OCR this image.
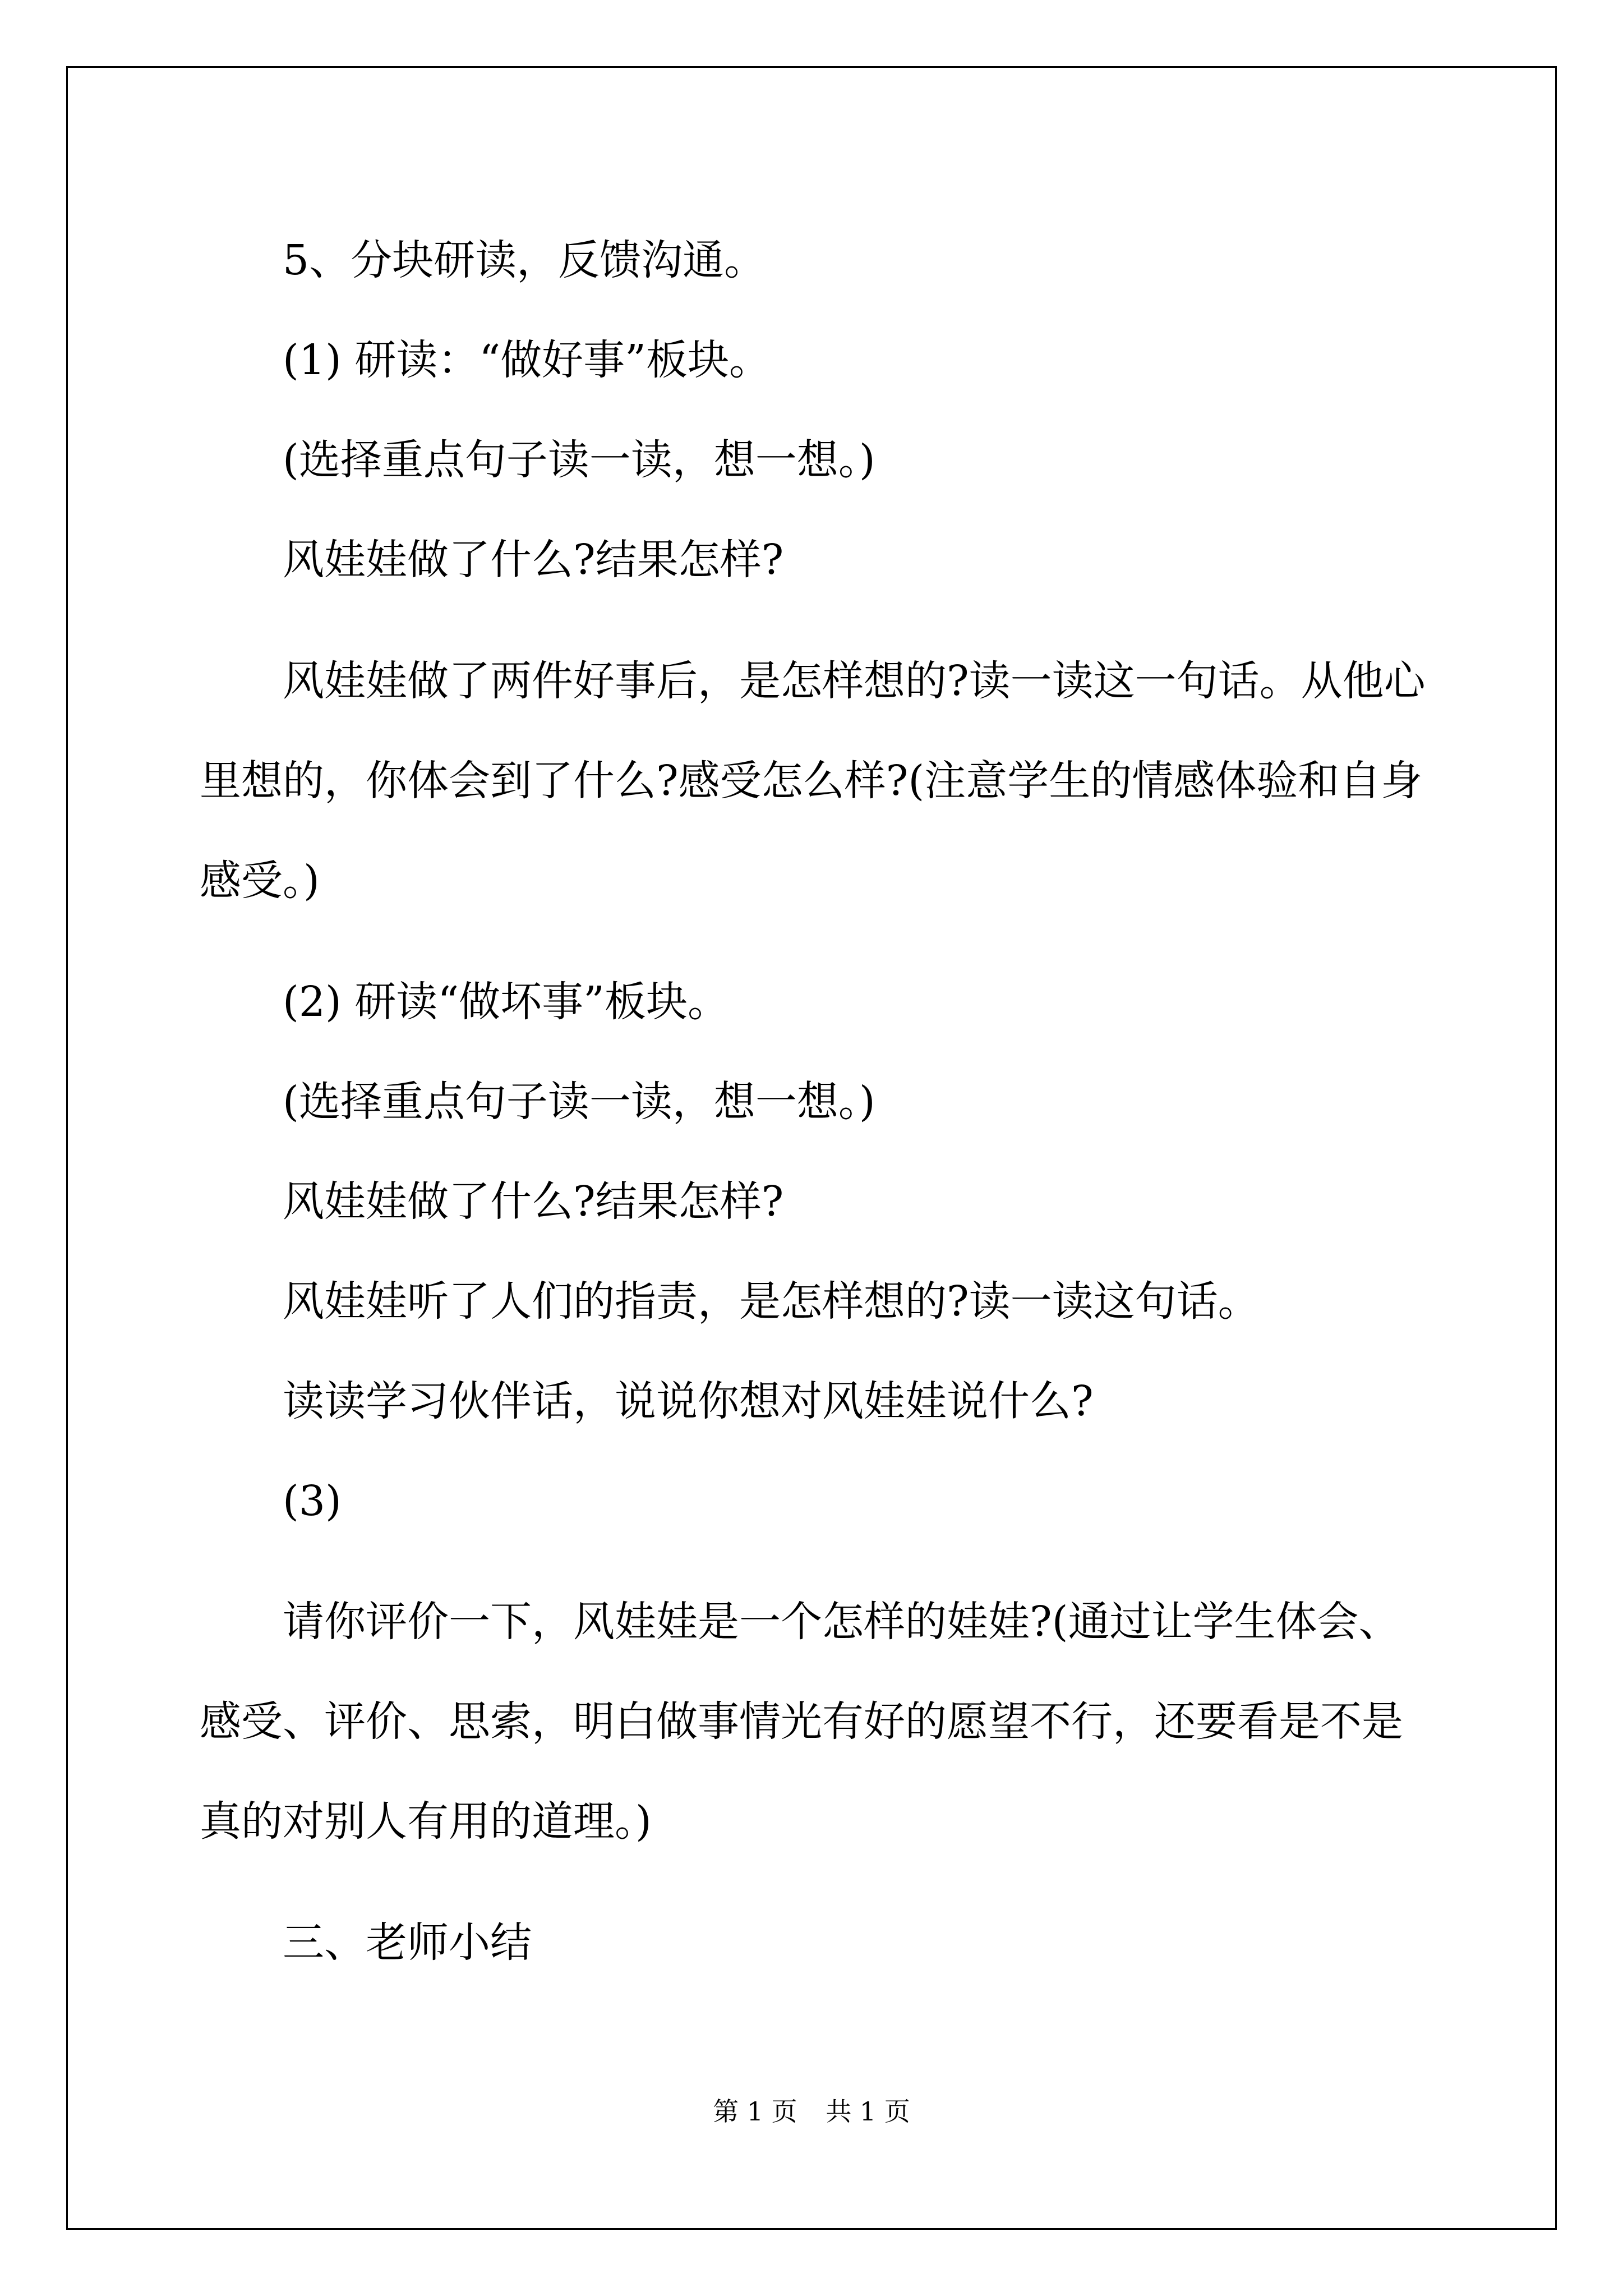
5、分块研读，反馈沟通。

(1) 研读：“做好事”板块。

(选择重点句子读一读，想一想。)

风娃娃做了什么?结果怎样?

风娃娃做了两件好事后，是怎样想的?读一读这一句话。从他心里想的，你体会到了什么?感受怎么样?(注意学生的情感体验和自身感受。)

(2) 研读“做坏事”板块。

(选择重点句子读一读，想一想。)

风娃娃做了什么?结果怎样?

风娃娃听了人们的指责，是怎样想的?读一读这句话。

读读学习伙伴话，说说你想对风娃娃说什么?

(3)

请你评价一下，风娃娃是一个怎样的娃娃?(通过让学生体会、感受、评价、思索，明白做事情光有好的愿望不行，还要看是不是真的对别人有用的道理。)

三、老师小结

第 1 页 共 1 页
